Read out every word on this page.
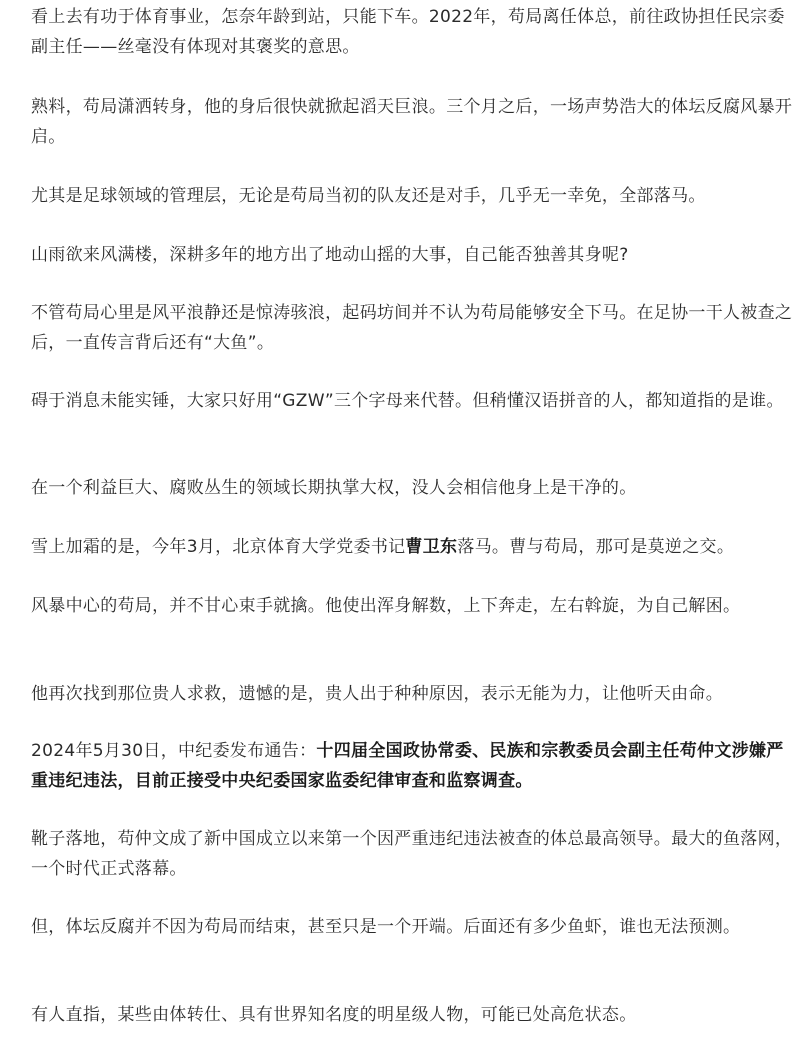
看上去有功于体育事业，怎奈年龄到站，只能下车。2022年，苟局离任体总，前往政协担任民宗委副主任——丝毫没有体现对其褒奖的意思。

熟料，苟局潇洒转身，他的身后很快就掀起滔天巨浪。三个月之后，一场声势浩大的体坛反腐风暴开启。

尤其是足球领域的管理层，无论是苟局当初的队友还是对手，几乎无一幸免，全部落马。

山雨欲来风满楼，深耕多年的地方出了地动山摇的大事，自己能否独善其身呢?

不管苟局心里是风平浪静还是惊涛骇浪，起码坊间并不认为苟局能够安全下马。在足协一干人被查之后，一直传言背后还有“大鱼”。

碍于消息未能实锤，大家只好用“GZW”三个字母来代替。但稍懂汉语拼音的人，都知道指的是谁。

在一个利益巨大、腐败丛生的领域长期执掌大权，没人会相信他身上是干净的。

雪上加霜的是，今年3月，北京体育大学党委书记曹卫东落马。曹与苟局，那可是莫逆之交。

风暴中心的苟局，并不甘心束手就擒。他使出浑身解数，上下奔走，左右斡旋，为自己解困。

他再次找到那位贵人求救，遗憾的是，贵人出于种种原因，表示无能为力，让他听天由命。

2024年5月30日，中纪委发布通告：十四届全国政协常委、民族和宗教委员会副主任苟仲文涉嫌严重违纪违法，目前正接受中央纪委国家监委纪律审查和监察调查。

靴子落地，苟仲文成了新中国成立以来第一个因严重违纪违法被查的体总最高领导。最大的鱼落网，一个时代正式落幕。

但，体坛反腐并不因为苟局而结束，甚至只是一个开端。后面还有多少鱼虾，谁也无法预测。

有人直指，某些由体转仕、具有世界知名度的明星级人物，可能已处高危状态。
